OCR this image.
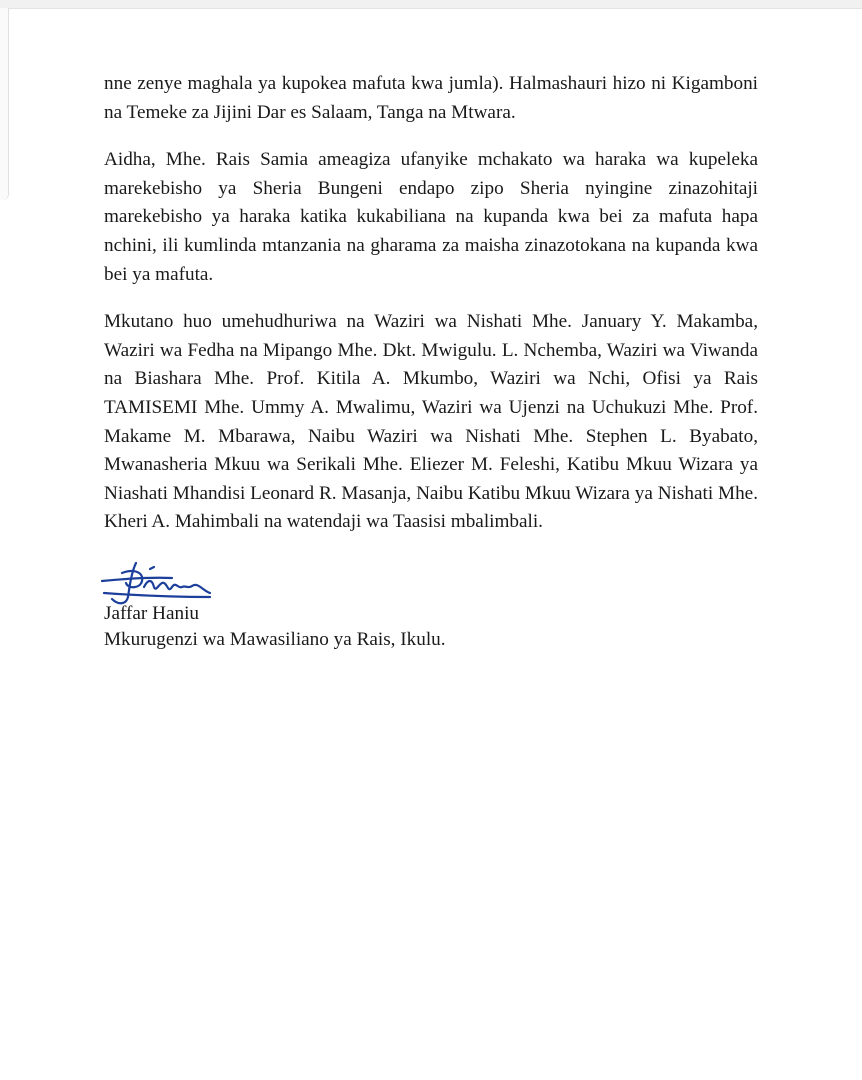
nne zenye maghala ya kupokea mafuta kwa jumla). Halmashauri hizo ni Kigamboni na Temeke za Jijini Dar es Salaam, Tanga na Mtwara.

Aidha, Mhe. Rais Samia ameagiza ufanyike mchakato wa haraka wa kupeleka marekebisho ya Sheria Bungeni endapo zipo Sheria nyingine zinazohitaji marekebisho ya haraka katika kukabiliana na kupanda kwa bei za mafuta hapa nchini, ili kumlinda mtanzania na gharama za maisha zinazotokana na kupanda kwa bei ya mafuta.

Mkutano huo umehudhuriwa na Waziri wa Nishati Mhe. January Y. Makamba, Waziri wa Fedha na Mipango Mhe. Dkt. Mwigulu. L. Nchemba, Waziri wa Viwanda na Biashara Mhe. Prof. Kitila A. Mkumbo, Waziri wa Nchi, Ofisi ya Rais TAMISEMI Mhe. Ummy A. Mwalimu, Waziri wa Ujenzi na Uchukuzi Mhe. Prof. Makame M. Mbarawa, Naibu Waziri wa Nishati Mhe. Stephen L. Byabato, Mwanasheria Mkuu wa Serikali Mhe. Eliezer M. Feleshi, Katibu Mkuu Wizara ya Niashati Mhandisi Leonard R. Masanja, Naibu Katibu Mkuu Wizara ya Nishati Mhe. Kheri A. Mahimbali na watendaji wa Taasisi mbalimbali.

Jaffar Haniu

Mkurugenzi wa Mawasiliano ya Rais, Ikulu.
